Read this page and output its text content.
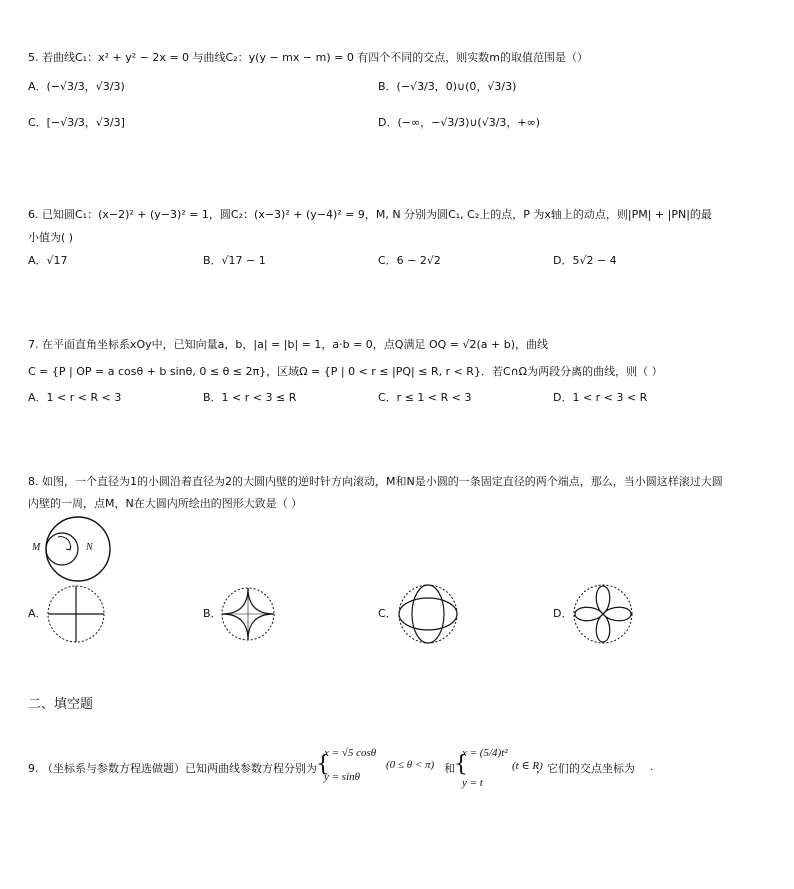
5. 若曲线C₁：x² + y² − 2x = 0 与曲线C₂：y(y − mx − m) = 0 有四个不同的交点，则实数m的取值范围是（）
A．(−√3/3，√3/3)	B．(−√3/3，0)∪(0，√3/3)
C．[−√3/3，√3/3]	D．(−∞，−√3/3)∪(√3/3，+∞)
6. 已知圆C₁：(x−2)² + (y−3)² = 1，圆C₂：(x−3)² + (y−4)² = 9，M, N 分别为圆C₁, C₂上的点，P 为x轴上的动点，则|PM| + |PN|的最
小值为( )
A．√17	B．√17 − 1	C．6 − 2√2	D．5√2 − 4
7. 在平面直角坐标系xOy中，已知向量a，b，|a| = |b| = 1，a·b = 0，点Q满足 OQ = √2(a + b)，曲线
C = {P | OP = a cosθ + b sinθ, 0 ≤ θ ≤ 2π}，区域Ω = {P | 0 < r ≤ |PQ| ≤ R, r < R}．若C∩Ω为两段分离的曲线，则（ ）
A．1 < r < R < 3	B．1 < r < 3 ≤ R	C．r ≤ 1 < R < 3	D．1 < r < 3 < R
8. 如图，一个直径为1的小圆沿着直径为2的大圆内壁的逆时针方向滚动，M和N是小圆的一条固定直径的两个端点，那么，当小圆这样滚过大圆
内壁的一周，点M，N在大圆内所绘出的图形大致是（ ）
M	N
A．	B．	C．	D．
二、填空题
9. （坐标系与参数方程选做题）已知两曲线参数方程分别为 {
x = √5 cosθ
y = sinθ
(0 ≤ θ < π) 和 {
x = (5/4)t²
y = t
(t ∈ R)
，它们的交点坐标为 .
